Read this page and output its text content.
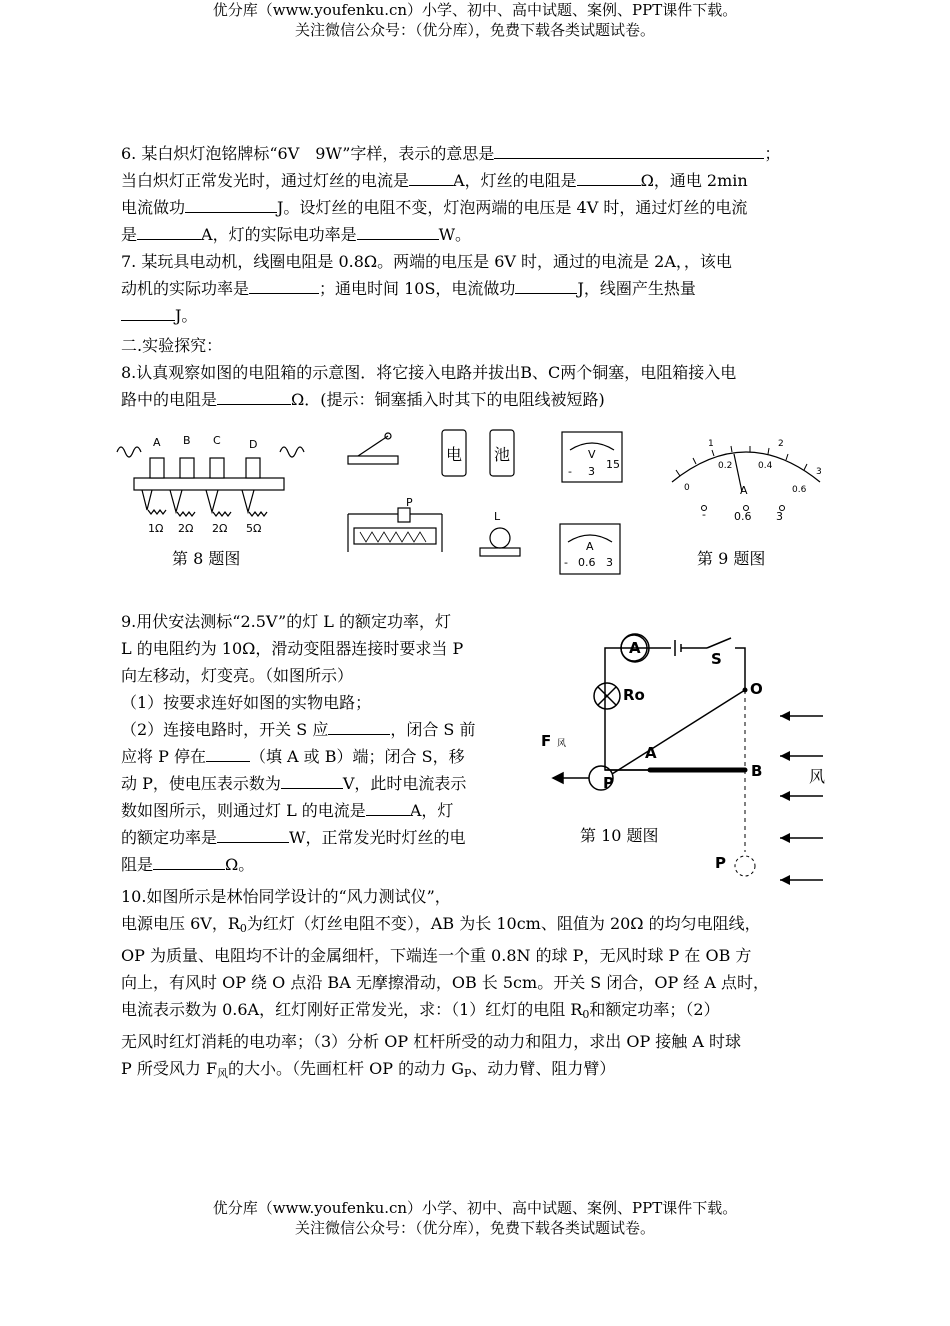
优分库（www.youfenku.cn）小学、初中、高中试题、案例、PPT课件下载。
关注微信公众号：（优分库），免费下载各类试题试卷。

6. 某白炽灯泡铭牌标“6V　9W”字样，表示的意思是	；

当白炽灯正常发光时，通过灯丝的电流是	A，灯丝的电阻是	Ω，通电 2min

电流做功	J。设灯丝的电阻不变，灯泡两端的电压是 4V 时，通过灯丝的电流

是	A，灯的实际电功率是	W。

7. 某玩具电动机，线圈电阻是 0.8Ω。两端的电压是 6V 时，通过的电流是 2A，，该电

动机的实际功率是	；通电时间 10S，电流做功	J，线圈产生热量

J。

二.实验探究：

8.认真观察如图的电阻箱的示意图．将它接入电路并拔出B、C两个铜塞，电阻箱接入电

路中的电阻是	Ω．(提示：铜塞插入时其下的电阻线被短路)

A B C	D
1Ω 2Ω 2Ω 5Ω
第 8 题图
电 池	V
- 3
15
P
L
A
- 0.6 3
1	2
0.2	0.4
0
3
0.6
A
-	0.6 3
第 9 题图

9.用伏安法测标“2.5V”的灯 L 的额定功率，灯

L 的电阻约为 10Ω，滑动变阻器连接时要求当 P

向左移动，灯变亮。（如图所示）

（1）按要求连好如图的实物电路；

（2）连接电路时，开关 S 应	，闭合 S 前

应将 P 停在	（填 A 或 B）端；闭合 S，移

动 P，使电压表示数为	V，此时电流表示

数如图所示，则通过灯 L 的电流是	A，灯

的额定功率是	W，正常发光时灯丝的电

阻是	Ω。

A
S
Ro	O
A
B
F
P
P
风
风
第 10 题图

10.如图所示是林怡同学设计的“风力测试仪”，

电源电压 6V，$R_0$为红灯（灯丝电阻不变），AB 为长 10cm、阻值为 20Ω 的均匀电阻线，

OP 为质量、电阻均不计的金属细杆，下端连一个重 0.8N 的球 P，无风时球 P 在 OB 方

向上，有风时 OP 绕 O 点沿 BA 无摩擦滑动，OB 长 5cm。开关 S 闭合，OP 经 A 点时，

电流表示数为 0.6A，红灯刚好正常发光，求：（1）红灯的电阻 $R_0$和额定功率；（2）

无风时红灯消耗的电功率；（3）分析 OP 杠杆所受的动力和阻力，求出 OP 接触 A 时球

P 所受风力 $F_风$的大小。（先画杠杆 OP 的动力 $G_P$、动力臂、阻力臂）

优分库（www.youfenku.cn）小学、初中、高中试题、案例、PPT课件下载。
关注微信公众号：（优分库），免费下载各类试题试卷。
